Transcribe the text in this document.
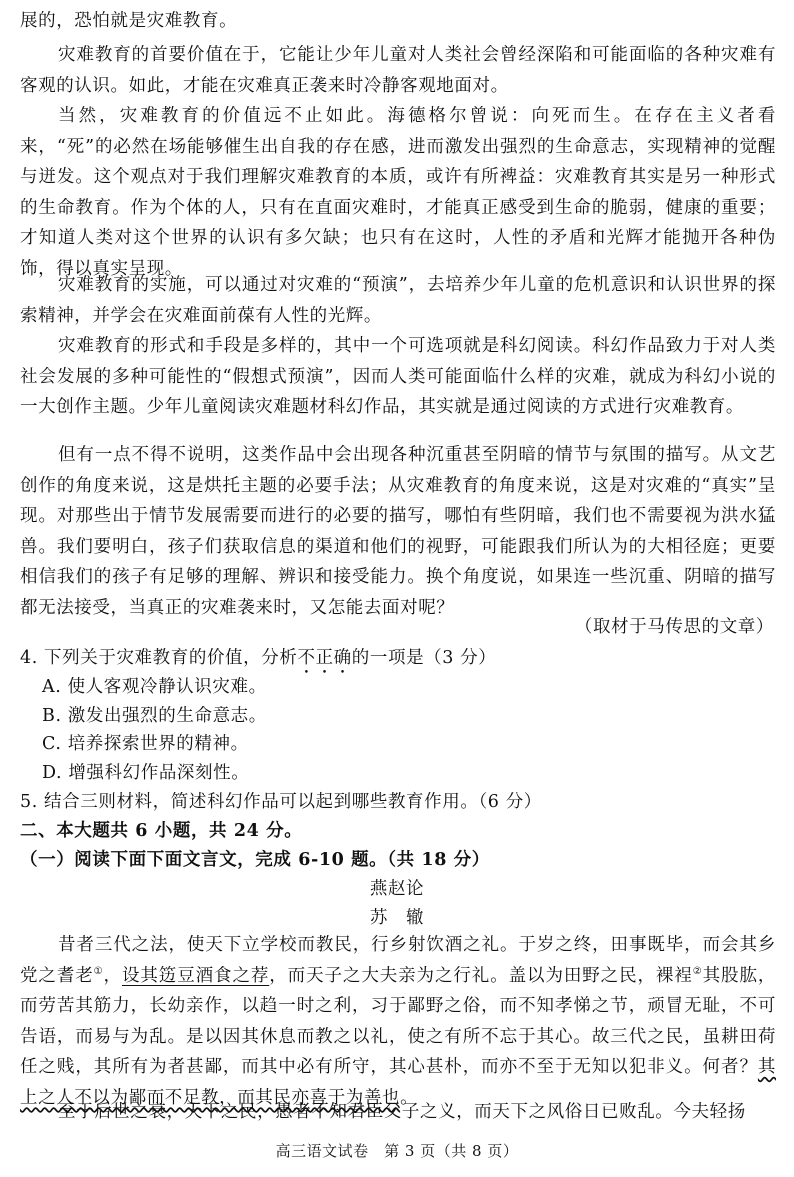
展的，恐怕就是灾难教育。

灾难教育的首要价值在于，它能让少年儿童对人类社会曾经深陷和可能面临的各种灾难有客观的认识。如此，才能在灾难真正袭来时冷静客观地面对。

当然，灾难教育的价值远不止如此。海德格尔曾说：向死而生。在存在主义者看来，“死”的必然在场能够催生出自我的存在感，进而激发出强烈的生命意志，实现精神的觉醒与迸发。这个观点对于我们理解灾难教育的本质，或许有所裨益：灾难教育其实是另一种形式的生命教育。作为个体的人，只有在直面灾难时，才能真正感受到生命的脆弱，健康的重要；才知道人类对这个世界的认识有多欠缺；也只有在这时，人性的矛盾和光辉才能抛开各种伪饰，得以真实呈现。

灾难教育的实施，可以通过对灾难的“预演”，去培养少年儿童的危机意识和认识世界的探索精神，并学会在灾难面前葆有人性的光辉。

灾难教育的形式和手段是多样的，其中一个可选项就是科幻阅读。科幻作品致力于对人类社会发展的多种可能性的“假想式预演”，因而人类可能面临什么样的灾难，就成为科幻小说的一大创作主题。少年儿童阅读灾难题材科幻作品，其实就是通过阅读的方式进行灾难教育。

但有一点不得不说明，这类作品中会出现各种沉重甚至阴暗的情节与氛围的描写。从文艺创作的角度来说，这是烘托主题的必要手法；从灾难教育的角度来说，这是对灾难的“真实”呈现。对那些出于情节发展需要而进行的必要的描写，哪怕有些阴暗，我们也不需要视为洪水猛兽。我们要明白，孩子们获取信息的渠道和他们的视野，可能跟我们所认为的大相径庭；更要相信我们的孩子有足够的理解、辨识和接受能力。换个角度说，如果连一些沉重、阴暗的描写都无法接受，当真正的灾难袭来时，又怎能去面对呢？

（取材于马传思的文章）

4. 下列关于灾难教育的价值，分析不正确的一项是（3 分）

A. 使人客观冷静认识灾难。

B. 激发出强烈的生命意志。

C. 培养探索世界的精神。

D. 增强科幻作品深刻性。

5. 结合三则材料，简述科幻作品可以起到哪些教育作用。（6 分）

二、本大题共 6 小题，共 24 分。

（一）阅读下面下面文言文，完成 6-10 题。（共 18 分）

燕赵论

苏　辙

昔者三代之法，使天下立学校而教民，行乡射饮酒之礼。于岁之终，田事既毕，而会其乡党之耆老①，设其笾豆酒食之荐，而天子之大夫亲为之行礼。盖以为田野之民，裸裎②其股肱，而劳苦其筋力，长幼亲作，以趋一时之利，习于鄙野之俗，而不知孝悌之节，顽冒无耻，不可告语，而易与为乱。是以因其休息而教之以礼，使之有所不忘于其心。故三代之民，虽耕田荷任之贱，其所有为者甚鄙，而其中必有所守，其心甚朴，而亦不至于无知以犯非义。何者？其上之人不以为鄙而不足教，而其民亦喜于为善也。

至于后世之衰，天下之民，愚者不知君臣父子之义，而天下之风俗日已败乱。今夫轻扬

高三语文试卷　第 3 页（共 8 页）
